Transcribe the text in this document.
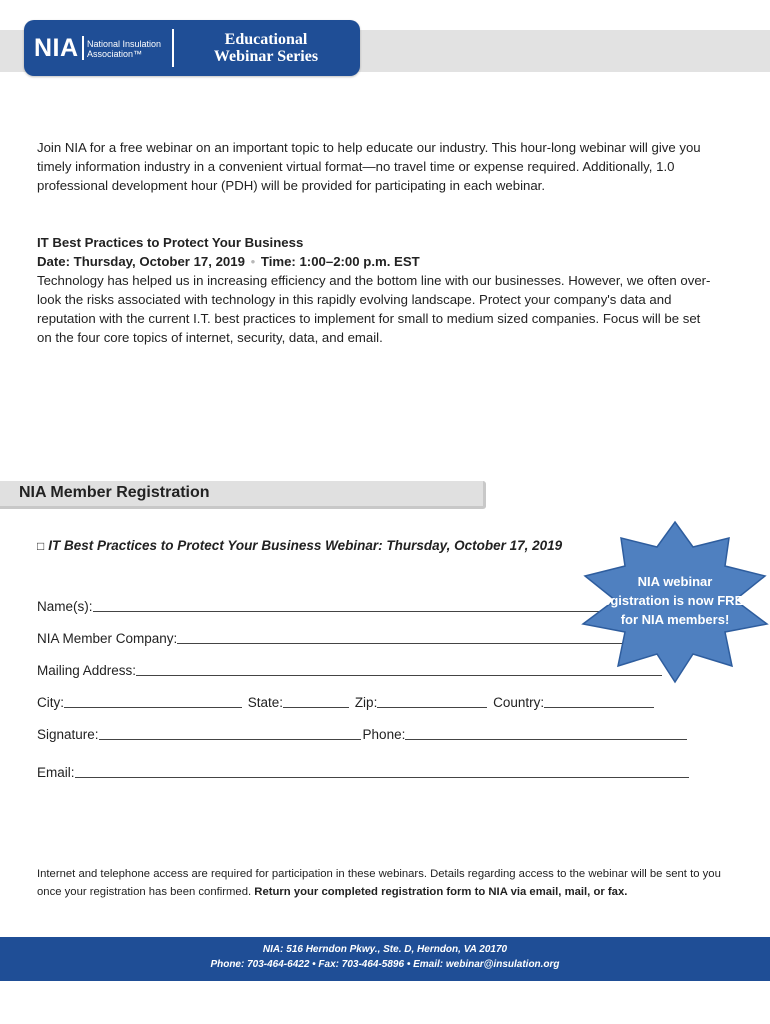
NIA National Insulation
Association™
Educational
Webinar Series
Join NIA for a free webinar on an important topic to help educate our industry. This hour-long webinar will give you timely information industry in a convenient virtual format—no travel time or expense required. Additionally, 1.0 professional development hour (PDH) will be provided for participating in each webinar.
IT Best Practices to Protect Your Business
Date: Thursday, October 17, 2019 • Time: 1:00–2:00 p.m. EST
Technology has helped us in increasing efficiency and the bottom line with our businesses. However, we often over-look the risks associated with technology in this rapidly evolving landscape. Protect your company's data and reputation with the current I.T. best practices to implement for small to medium sized companies. Focus will be set on the four core topics of internet, security, data, and email.
NIA Member Registration
□ IT Best Practices to Protect Your Business Webinar: Thursday, October 17, 2019
Name(s):
NIA Member Company:
Mailing Address:
City:	State:	Zip:	Country:
Signature:	Phone:
Email:
NIA webinar
registration is now FREE
for NIA members!
Internet and telephone access are required for participation in these webinars. Details regarding access to the webinar will be sent to you once your registration has been confirmed. Return your completed registration form to NIA via email, mail, or fax.
NIA: 516 Herndon Pkwy., Ste. D, Herndon, VA 20170
Phone: 703-464-6422 • Fax: 703-464-5896 • Email: webinar@insulation.org
